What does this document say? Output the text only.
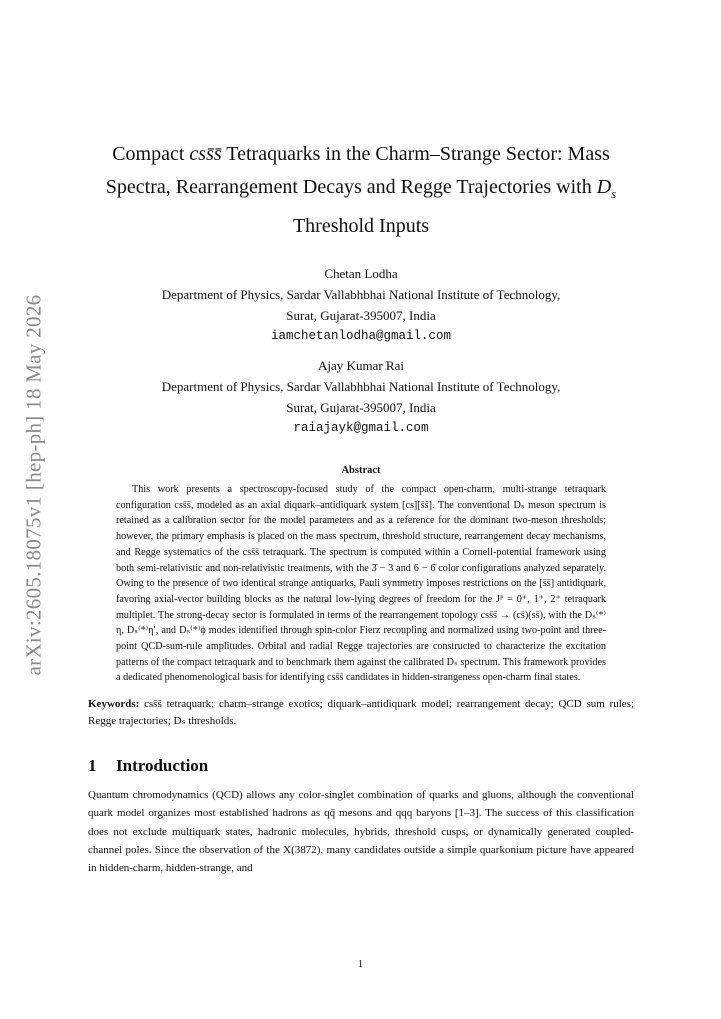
arXiv:2605.18075v1 [hep-ph] 18 May 2026
Compact css̄s̄ Tetraquarks in the Charm–Strange Sector: Mass Spectra, Rearrangement Decays and Regge Trajectories with $D_s$ Threshold Inputs
Chetan Lodha
Department of Physics, Sardar Vallabhbhai National Institute of Technology,
Surat, Gujarat-395007, India
iamchetanlodha@gmail.com
Ajay Kumar Rai
Department of Physics, Sardar Vallabhbhai National Institute of Technology,
Surat, Gujarat-395007, India
raiajayk@gmail.com
Abstract

This work presents a spectroscopy-focused study of the compact open-charm, multi-strange tetraquark configuration css̄s̄, modeled as an axial diquark–antidiquark system [cs][s̄s̄]. The conventional Dₛ meson spectrum is retained as a calibration sector for the model parameters and as a reference for the dominant two-meson thresholds; however, the primary emphasis is placed on the mass spectrum, threshold structure, rearrangement decay mechanisms, and Regge systematics of the css̄s̄ tetraquark. The spectrum is computed within a Cornell-potential framework using both semi-relativistic and non-relativistic treatments, with the 3̄ − 3 and 6 − 6̄ color configurations analyzed separately. Owing to the presence of two identical strange antiquarks, Pauli symmetry imposes restrictions on the [s̄s̄] antidiquark, favoring axial-vector building blocks as the natural low-lying degrees of freedom for the Jᴾ = 0⁺, 1⁺, 2⁺ tetraquark multiplet. The strong-decay sector is formulated in terms of the rearrangement topology css̄s̄ → (cs̄)(ss̄), with the Dₛ⁽*⁾η, Dₛ⁽*⁾η′, and Dₛ⁽*⁾ϕ modes identified through spin-color Fierz recoupling and normalized using two-point and three-point QCD-sum-rule amplitudes. Orbital and radial Regge trajectories are constructed to characterize the excitation patterns of the compact tetraquark and to benchmark them against the calibrated Dₛ spectrum. This framework provides a dedicated phenomenological basis for identifying css̄s̄ candidates in hidden-strangeness open-charm final states.

Keywords: css̄s̄ tetraquark; charm–strange exotics; diquark–antidiquark model; rearrangement decay; QCD sum rules; Regge trajectories; Dₛ thresholds.

1 Introduction

Quantum chromodynamics (QCD) allows any color-singlet combination of quarks and gluons, although the conventional quark model organizes most established hadrons as qq̄ mesons and qqq baryons [1–3]. The success of this classification does not exclude multiquark states, hadronic molecules, hybrids, threshold cusps, or dynamically generated coupled-channel poles. Since the observation of the X(3872), many candidates outside a simple quarkonium picture have appeared in hidden-charm, hidden-strange, and

1
